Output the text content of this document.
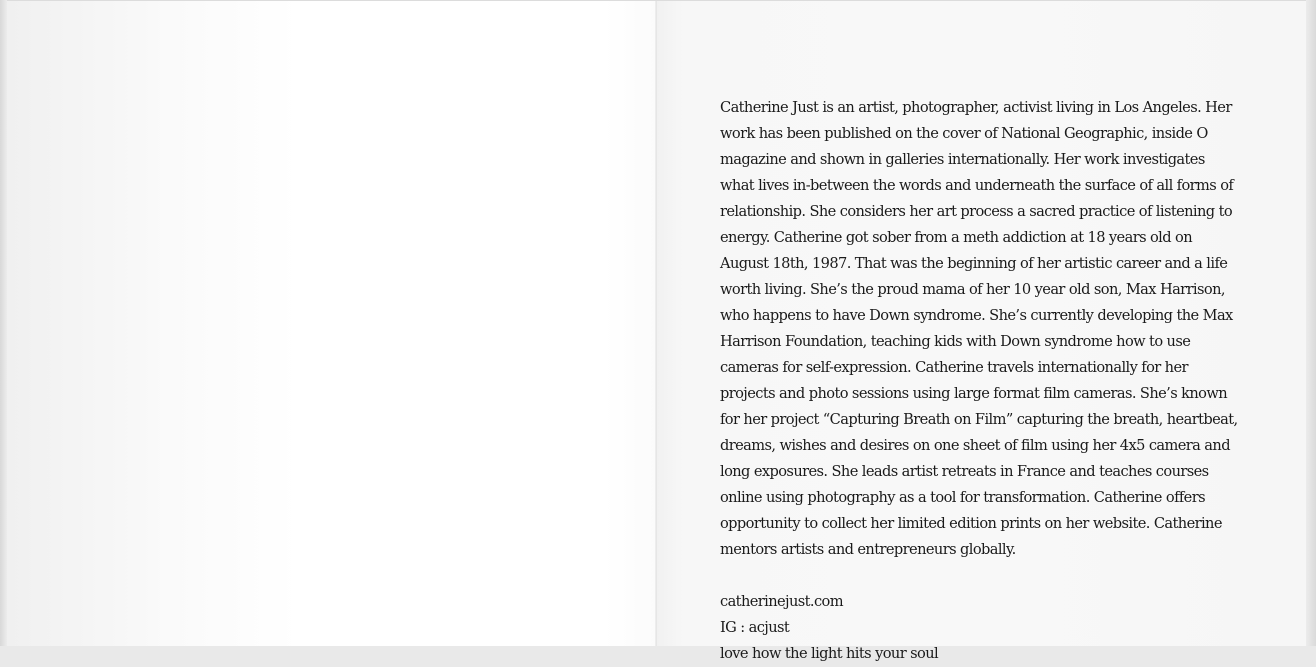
Catherine Just is an artist, photographer, activist living in Los Angeles. Her work has been published on the cover of National Geographic, inside O magazine and shown in galleries internationally. Her work investigates what lives in-between the words and underneath the surface of all forms of relationship. She considers her art process a sacred practice of listening to energy. Catherine got sober from a meth addiction at 18 years old on August 18th, 1987. That was the beginning of her artistic career and a life worth living. She’s the proud mama of her 10 year old son, Max Harrison, who happens to have Down syndrome. She’s currently developing the Max Harrison Foundation, teaching kids with Down syndrome how to use cameras for self-expression. Catherine travels internationally for her projects and photo sessions using large format film cameras. She’s known for her project “Capturing Breath on Film” capturing the breath, heartbeat, dreams, wishes and desires on one sheet of film using her 4x5 camera and long exposures. She leads artist retreats in France and teaches courses online using photography as a tool for transformation. Catherine offers opportunity to collect her limited edition prints on her website. Catherine mentors artists and entrepreneurs globally.

catherinejust.com
IG : acjust
love how the light hits your soul
